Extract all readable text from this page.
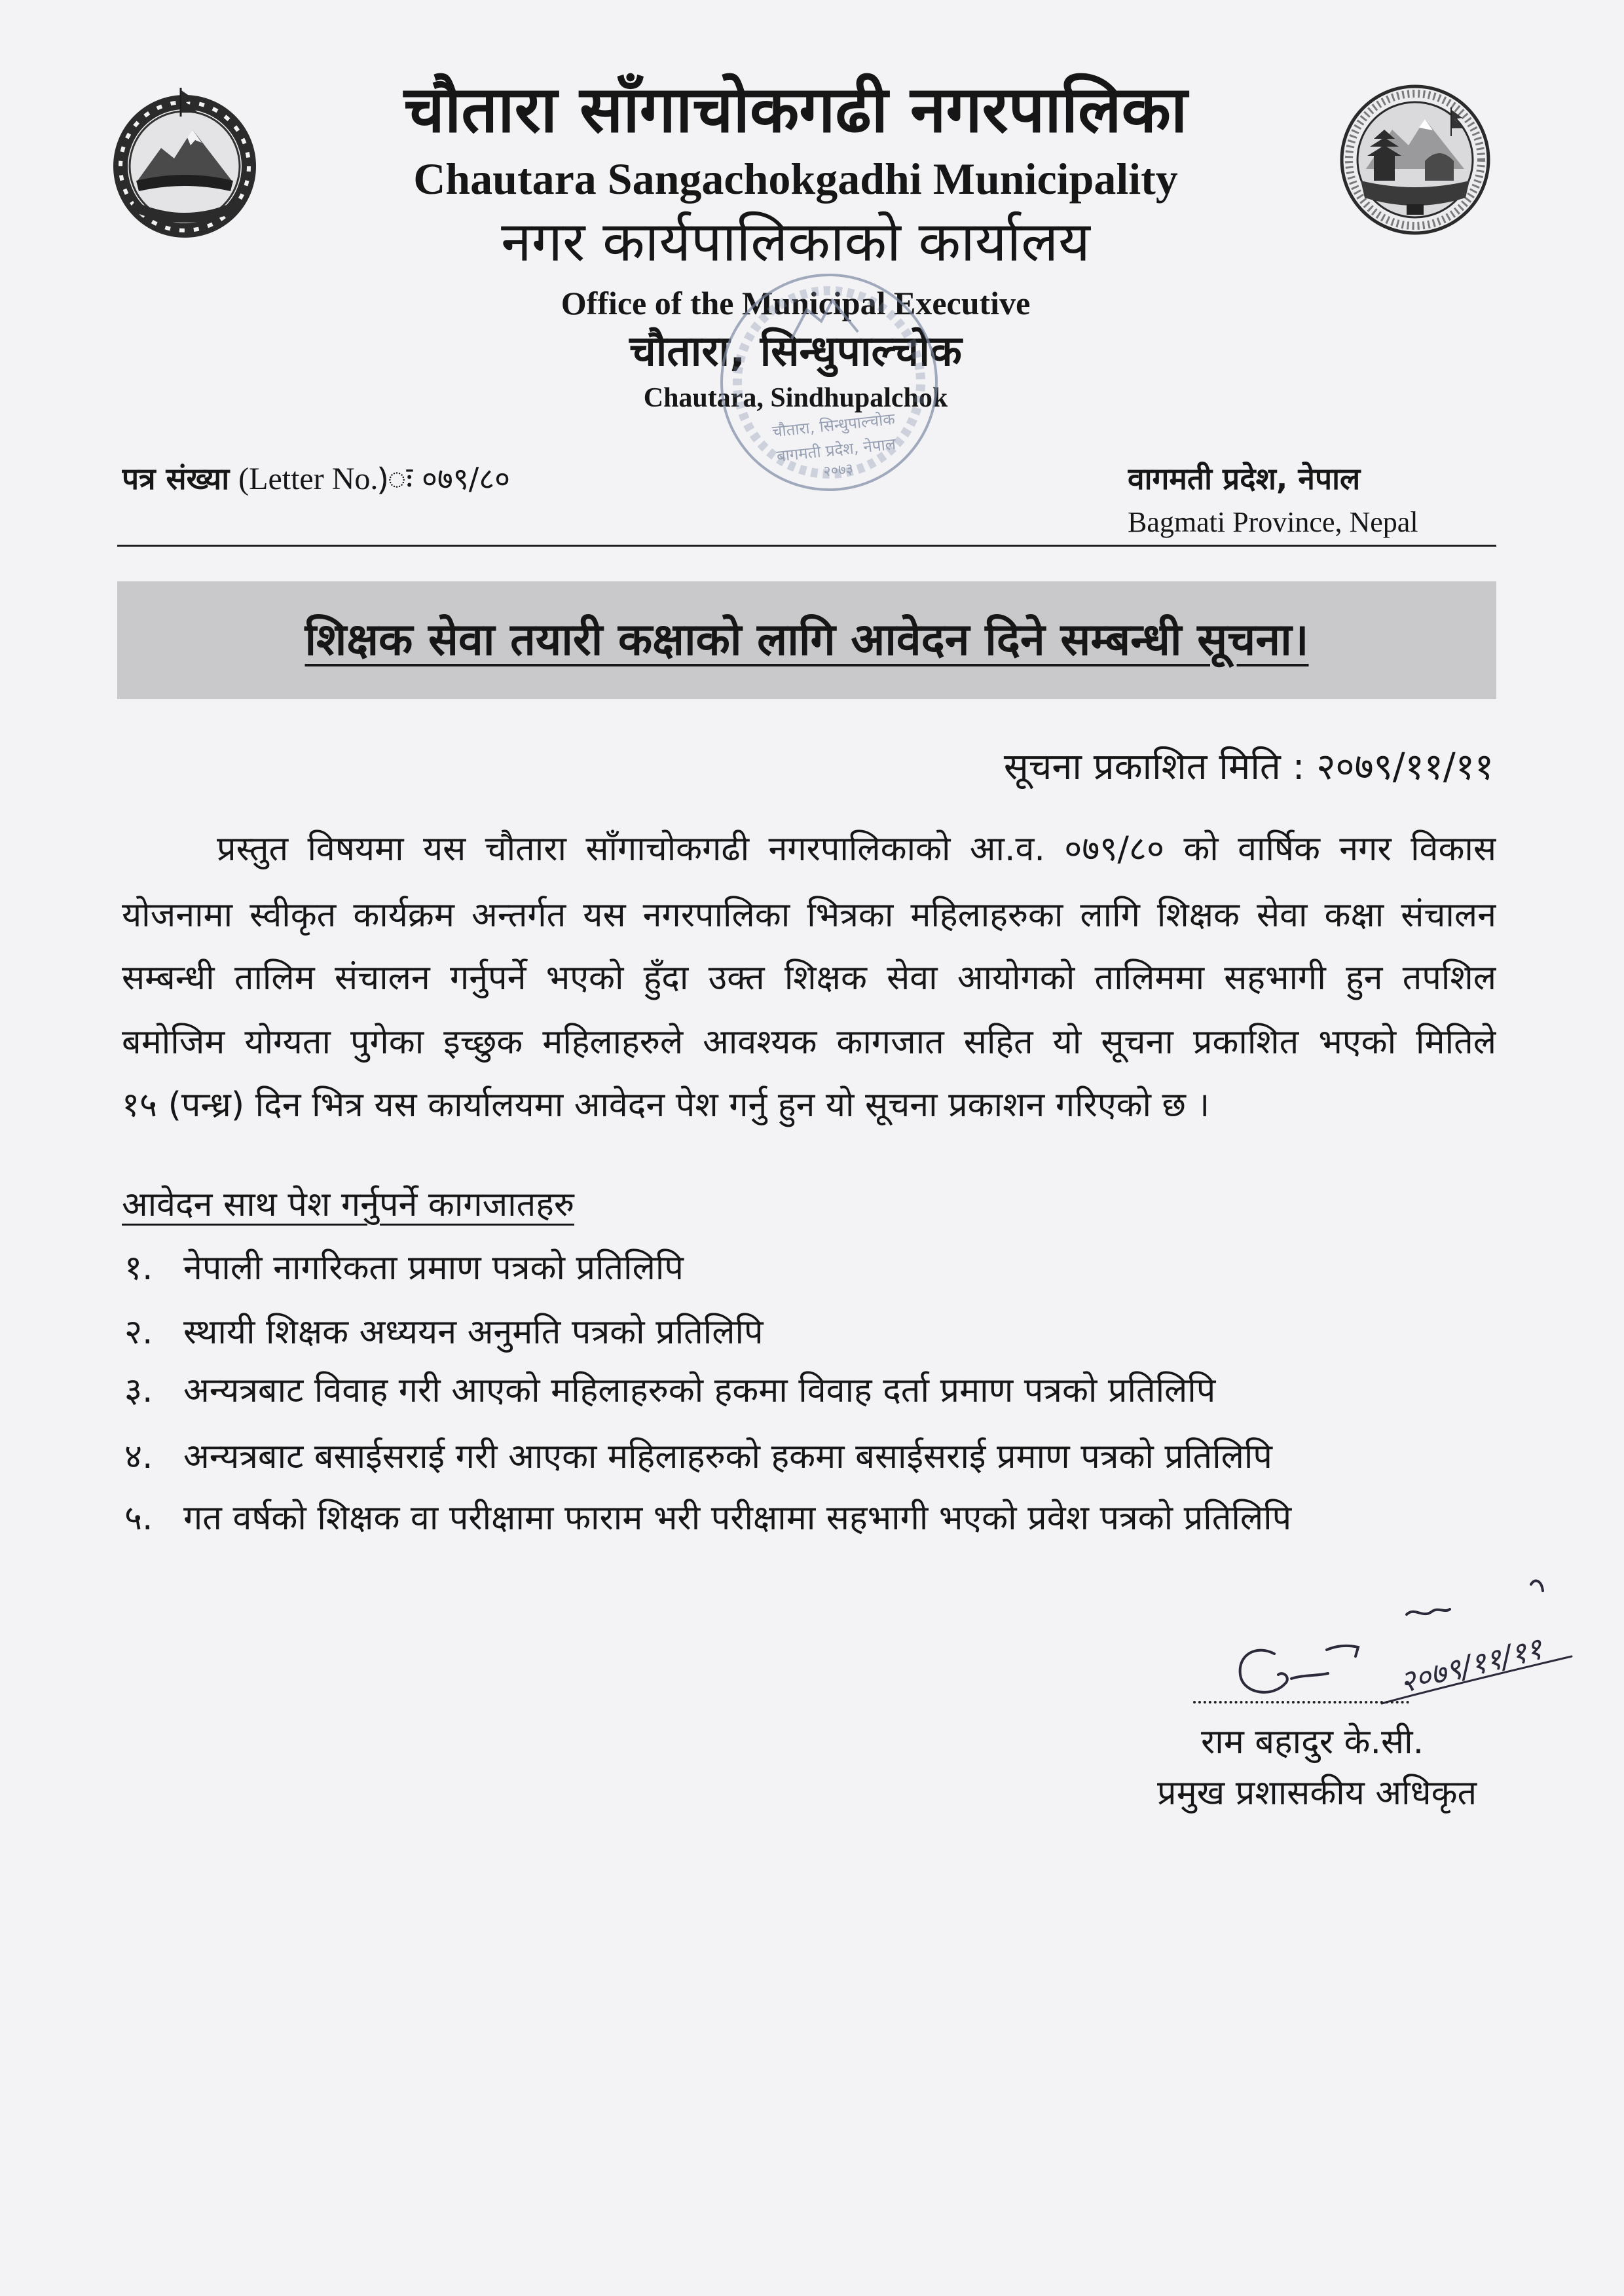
चौतारा साँगाचोकगढी नगरपालिका
Chautara Sangachokgadhi Municipality
नगर कार्यपालिकाको कार्यालय
Office of the Municipal Executive
चौतारा, सिन्धुपाल्चोक
Chautara, Sindhupalchok
पत्र संख्या (Letter No.)ः ०७९/८०	वागमती प्रदेश, नेपाल
Bagmati Province, Nepal
चौतारा, सिन्धुपाल्चोक
बागमती प्रदेश, नेपाल
२०७३
शिक्षक सेवा तयारी कक्षाको लागि आवेदन दिने सम्बन्धी सूचना।
सूचना प्रकाशित मिति : २०७९/११/११
प्रस्तुत विषयमा यस चौतारा साँगाचोकगढी नगरपालिकाको आ.व. ०७९/८० को वार्षिक नगर विकास
योजनामा स्वीकृत कार्यक्रम अन्तर्गत यस नगरपालिका भित्रका महिलाहरुका लागि शिक्षक सेवा कक्षा संचालन
सम्बन्धी तालिम संचालन गर्नुपर्ने भएको हुँदा उक्त शिक्षक सेवा आयोगको तालिममा सहभागी हुन तपशिल
बमोजिम योग्यता पुगेका इच्छुक महिलाहरुले आवश्यक कागजात सहित यो सूचना प्रकाशित भएको मितिले
१५ (पन्ध्र) दिन भित्र यस कार्यालयमा आवेदन पेश गर्नु हुन यो सूचना प्रकाशन गरिएको छ ।
आवेदन साथ पेश गर्नुपर्ने कागजातहरु
१. नेपाली नागरिकता प्रमाण पत्रको प्रतिलिपि
२. स्थायी शिक्षक अध्ययन अनुमति पत्रको प्रतिलिपि
३. अन्यत्रबाट विवाह गरी आएको महिलाहरुको हकमा विवाह दर्ता प्रमाण पत्रको प्रतिलिपि
४. अन्यत्रबाट बसाईसराई गरी आएका महिलाहरुको हकमा बसाईसराई प्रमाण पत्रको प्रतिलिपि
५. गत वर्षको शिक्षक वा परीक्षामा फाराम भरी परीक्षामा सहभागी भएको प्रवेश पत्रको प्रतिलिपि
२०७९/११/११
राम बहादुर के.सी.
प्रमुख प्रशासकीय अधिकृत
